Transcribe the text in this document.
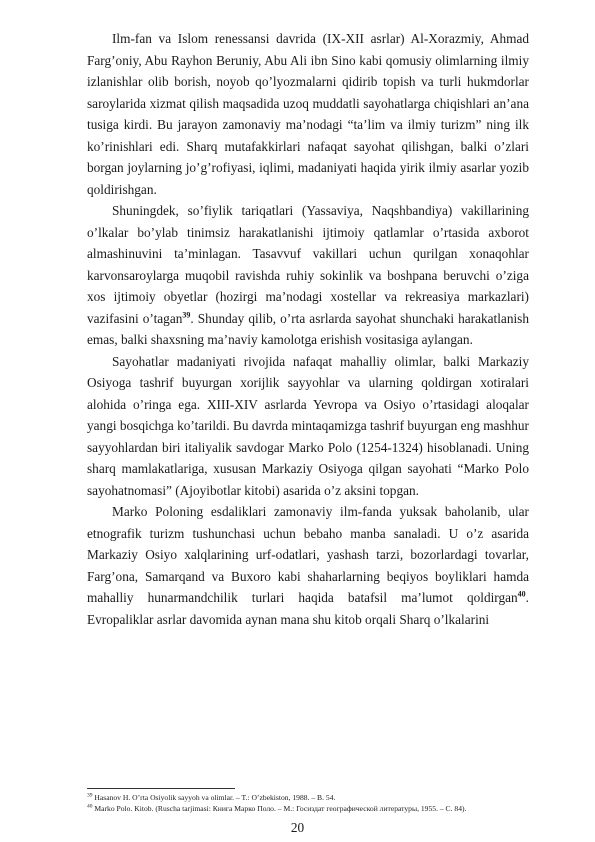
Ilm-fan va Islom renessansi davrida (IX-XII asrlar) Al-Xorazmiy, Ahmad Farg’oniy, Abu Rayhon Beruniy, Abu Ali ibn Sino kabi qomusiy olimlarning ilmiy izlanishlar olib borish, noyob qo’lyozmalarni qidirib topish va turli hukmdorlar saroylarida xizmat qilish maqsadida uzoq muddatli sayohatlarga chiqishlari an’ana tusiga kirdi. Bu jarayon zamonaviy ma’nodagi “ta’lim va ilmiy turizm” ning ilk ko’rinishlari edi. Sharq mutafakkirlari nafaqat sayohat qilishgan, balki o’zlari borgan joylarning jo’g’rofiyasi, iqlimi, madaniyati haqida yirik ilmiy asarlar yozib qoldirishgan.

Shuningdek, so’fiylik tariqatlari (Yassaviya, Naqshbandiya) vakillarining o’lkalar bo’ylab tinimsiz harakatlanishi ijtimoiy qatlamlar o’rtasida axborot almashinuvini ta’minlagan. Tasavvuf vakillari uchun qurilgan xonaqohlar karvonsaroylarga muqobil ravishda ruhiy sokinlik va boshpana beruvchi o’ziga xos ijtimoiy obyetlar (hozirgi ma’nodagi xostellar va rekreasiya markazlari) vazifasini o’tagan$^{39}$. Shunday qilib, o’rta asrlarda sayohat shunchaki harakatlanish emas, balki shaxsning ma’naviy kamolotga erishish vositasiga aylangan.

Sayohatlar madaniyati rivojida nafaqat mahalliy olimlar, balki Markaziy Osiyoga tashrif buyurgan xorijlik sayyohlar va ularning qoldirgan xotiralari alohida o’ringa ega. XIII-XIV asrlarda Yevropa va Osiyo o’rtasidagi aloqalar yangi bosqichga ko’tarildi. Bu davrda mintaqamizga tashrif buyurgan eng mashhur sayyohlardan biri italiyalik savdogar Marko Polo (1254-1324) hisoblanadi. Uning sharq mamlakatlariga, xususan Markaziy Osiyoga qilgan sayohati “Marko Polo sayohatnomasi” (Ajoyibotlar kitobi) asarida o’z aksini topgan.

Marko Poloning esdaliklari zamonaviy ilm-fanda yuksak baholanib, ular etnografik turizm tushunchasi uchun bebaho manba sanaladi. U o’z asarida Markaziy Osiyo xalqlarining urf-odatlari, yashash tarzi, bozorlardagi tovarlar, Farg’ona, Samarqand va Buxoro kabi shaharlarning beqiyos boyliklari hamda mahalliy hunarmandchilik turlari haqida batafsil ma’lumot qoldirgan$^{40}$. Evropaliklar asrlar davomida aynan mana shu kitob orqali Sharq o’lkalarini

$^{39}$ Hasanov H. O’rta Osiyolik sayyoh va olimlar. – T.: O’zbekiston, 1988. – B. 54.

$^{40}$ Marko Polo. Kitob. (Ruscha tarjimasi: Книга Марко Поло. – М.: Госиздат географической литературы, 1955. – С. 84).

20
